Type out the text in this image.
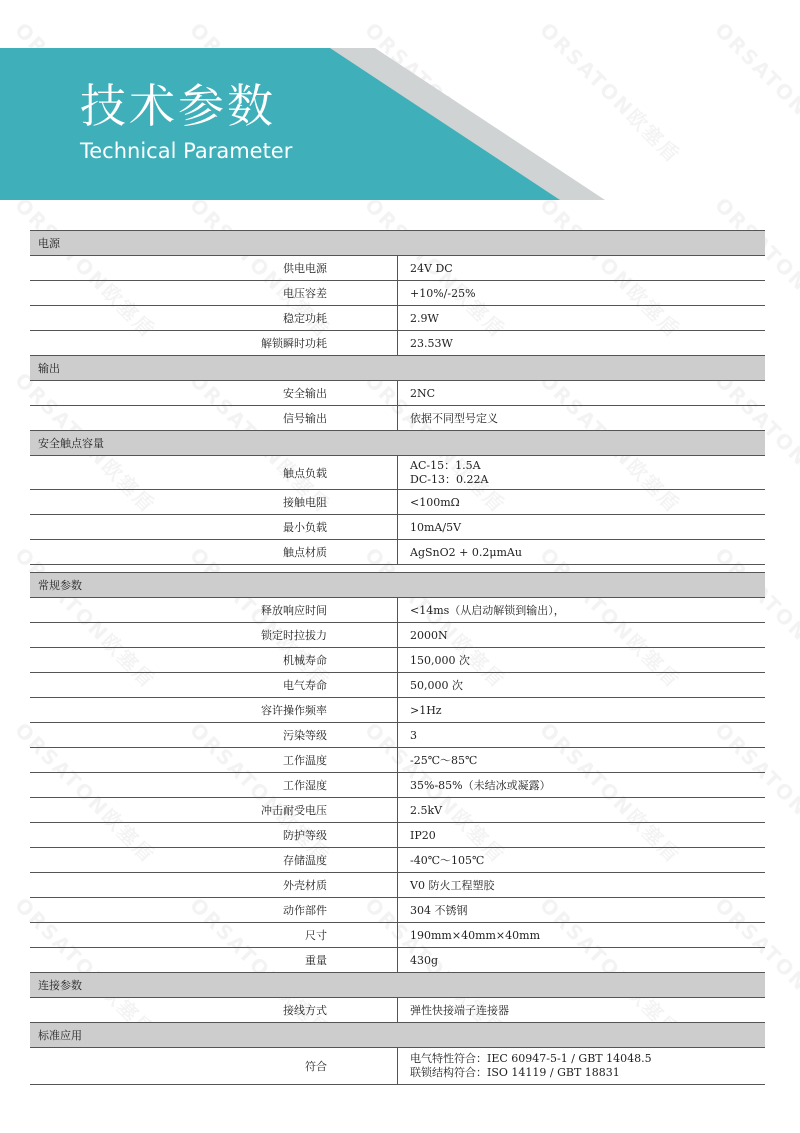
技术参数
Technical Parameter
电源	
供电电源	24V DC
电压容差	+10%/-25%
稳定功耗	2.9W
解锁瞬时功耗	23.53W
输出	
安全输出	2NC
信号输出	依据不同型号定义
安全触点容量	
触点负载	AC-15：1.5A
DC-13：0.22A

接触电阻	<100mΩ
最小负载	10mA/5V
触点材质	AgSnO2 + 0.2μmAu

常规参数	
释放响应时间	<14ms（从启动解锁到输出），
锁定时拉拔力	2000N
机械寿命	150,000 次
电气寿命	50,000 次
容许操作频率	>1Hz
污染等级	3
工作温度	-25℃～85℃
工作湿度	35%-85%（未结冰或凝露）
冲击耐受电压	2.5kV
防护等级	IP20
存储温度	-40℃～105℃
外壳材质	V0 防火工程塑胶
动作部件	304 不锈钢
尺寸	190mm×40mm×40mm
重量	430g
连接参数	
接线方式	弹性快接端子连接器
标准应用	
符合	电气特性符合：IEC 60947-5-1 / GBT 14048.5
联锁结构符合：ISO 14119 / GBT 18831
